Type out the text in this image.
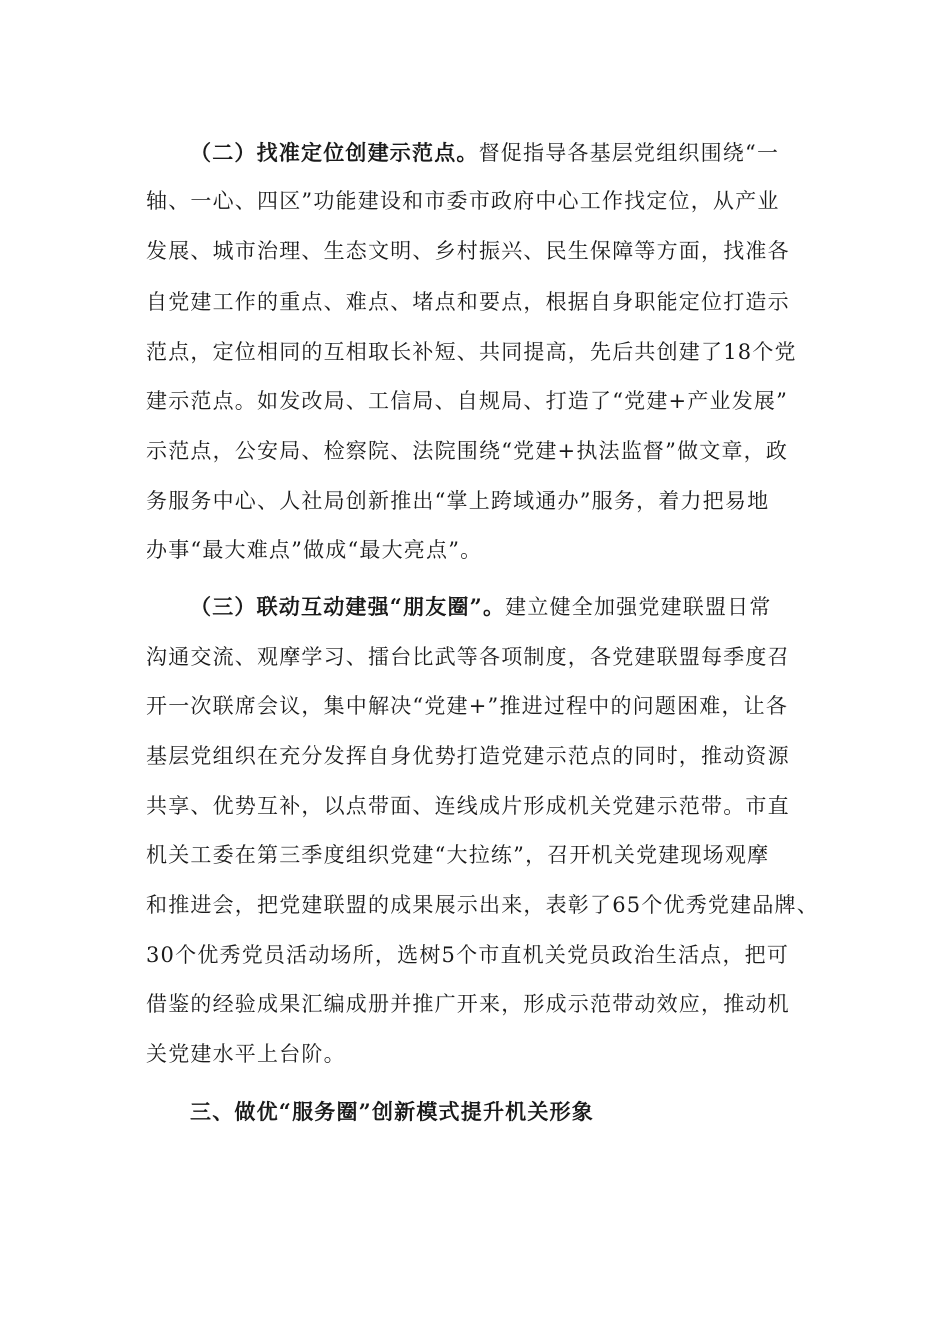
（二）找准定位创建示范点。督促指导各基层党组织围绕“一
轴、一心、四区”功能建设和市委市政府中心工作找定位，从产业
发展、城市治理、生态文明、乡村振兴、民生保障等方面，找准各
自党建工作的重点、难点、堵点和要点，根据自身职能定位打造示
范点，定位相同的互相取长补短、共同提高，先后共创建了18个党
建示范点。如发改局、工信局、自规局、打造了“党建+产业发展”
示范点，公安局、检察院、法院围绕“党建+执法监督”做文章，政
务服务中心、人社局创新推出“掌上跨域通办”服务，着力把易地
办事“最大难点”做成“最大亮点”。
（三）联动互动建强“朋友圈”。建立健全加强党建联盟日常
沟通交流、观摩学习、擂台比武等各项制度，各党建联盟每季度召
开一次联席会议，集中解决“党建+”推进过程中的问题困难，让各
基层党组织在充分发挥自身优势打造党建示范点的同时，推动资源
共享、优势互补，以点带面、连线成片形成机关党建示范带。市直
机关工委在第三季度组织党建“大拉练”，召开机关党建现场观摩
和推进会，把党建联盟的成果展示出来，表彰了65个优秀党建品牌、
30个优秀党员活动场所，选树5个市直机关党员政治生活点，把可
借鉴的经验成果汇编成册并推广开来，形成示范带动效应，推动机
关党建水平上台阶。
三、做优“服务圈”创新模式提升机关形象
